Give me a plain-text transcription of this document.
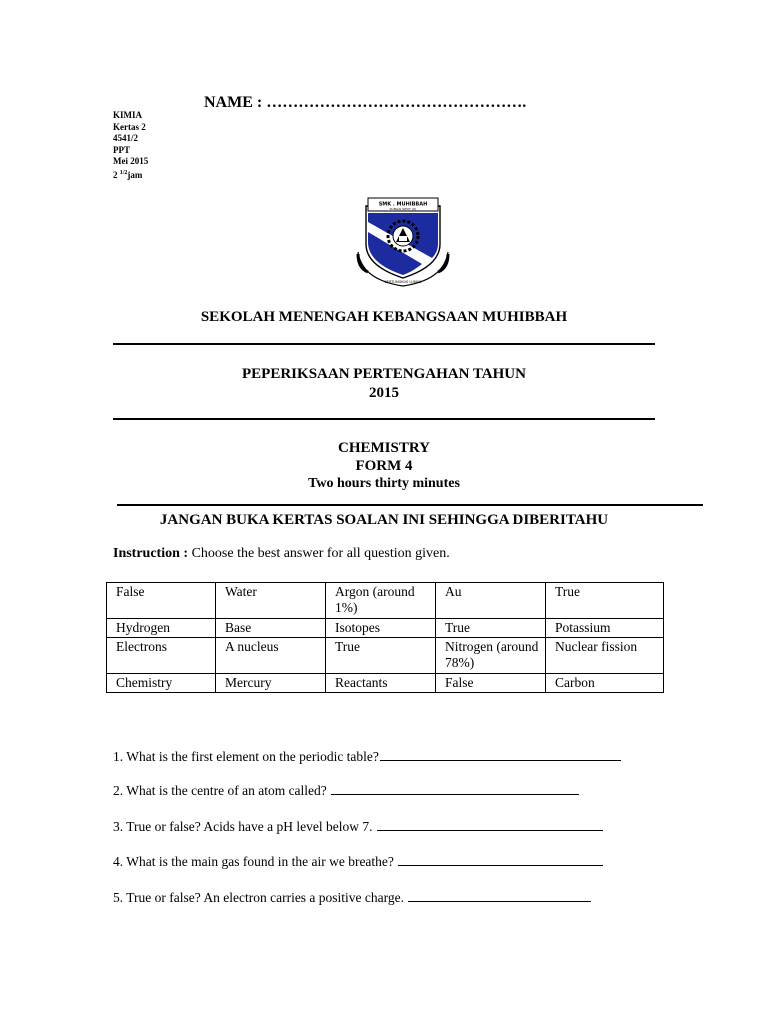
NAME : ………………………………………….
KIMIA
Kertas 2
4541/2
PPT
Mei 2015
2 $^{1/2}$jam
SMK . MUHIBBAH
SUNGAI SIPUT (U)
BERTUNGKUS LUMUS
SEKOLAH MENENGAH KEBANGSAAN MUHIBBAH
PEPERIKSAAN PERTENGAHAN TAHUN
2015
CHEMISTRY
FORM 4
Two hours thirty minutes
JANGAN BUKA KERTAS SOALAN INI SEHINGGA DIBERITAHU
Instruction : Choose the best answer for all question given.
False	Water	Argon (around 1%)	Au	True
Hydrogen	Base	Isotopes	True	Potassium
Electrons	A nucleus	True	Nitrogen (around 78%)	Nuclear fission
Chemistry	Mercury	Reactants	False	Carbon
1. What is the first element on the periodic table?
2. What is the centre of an atom called?
3. True or false? Acids have a pH level below 7.
4. What is the main gas found in the air we breathe?
5. True or false? An electron carries a positive charge.
